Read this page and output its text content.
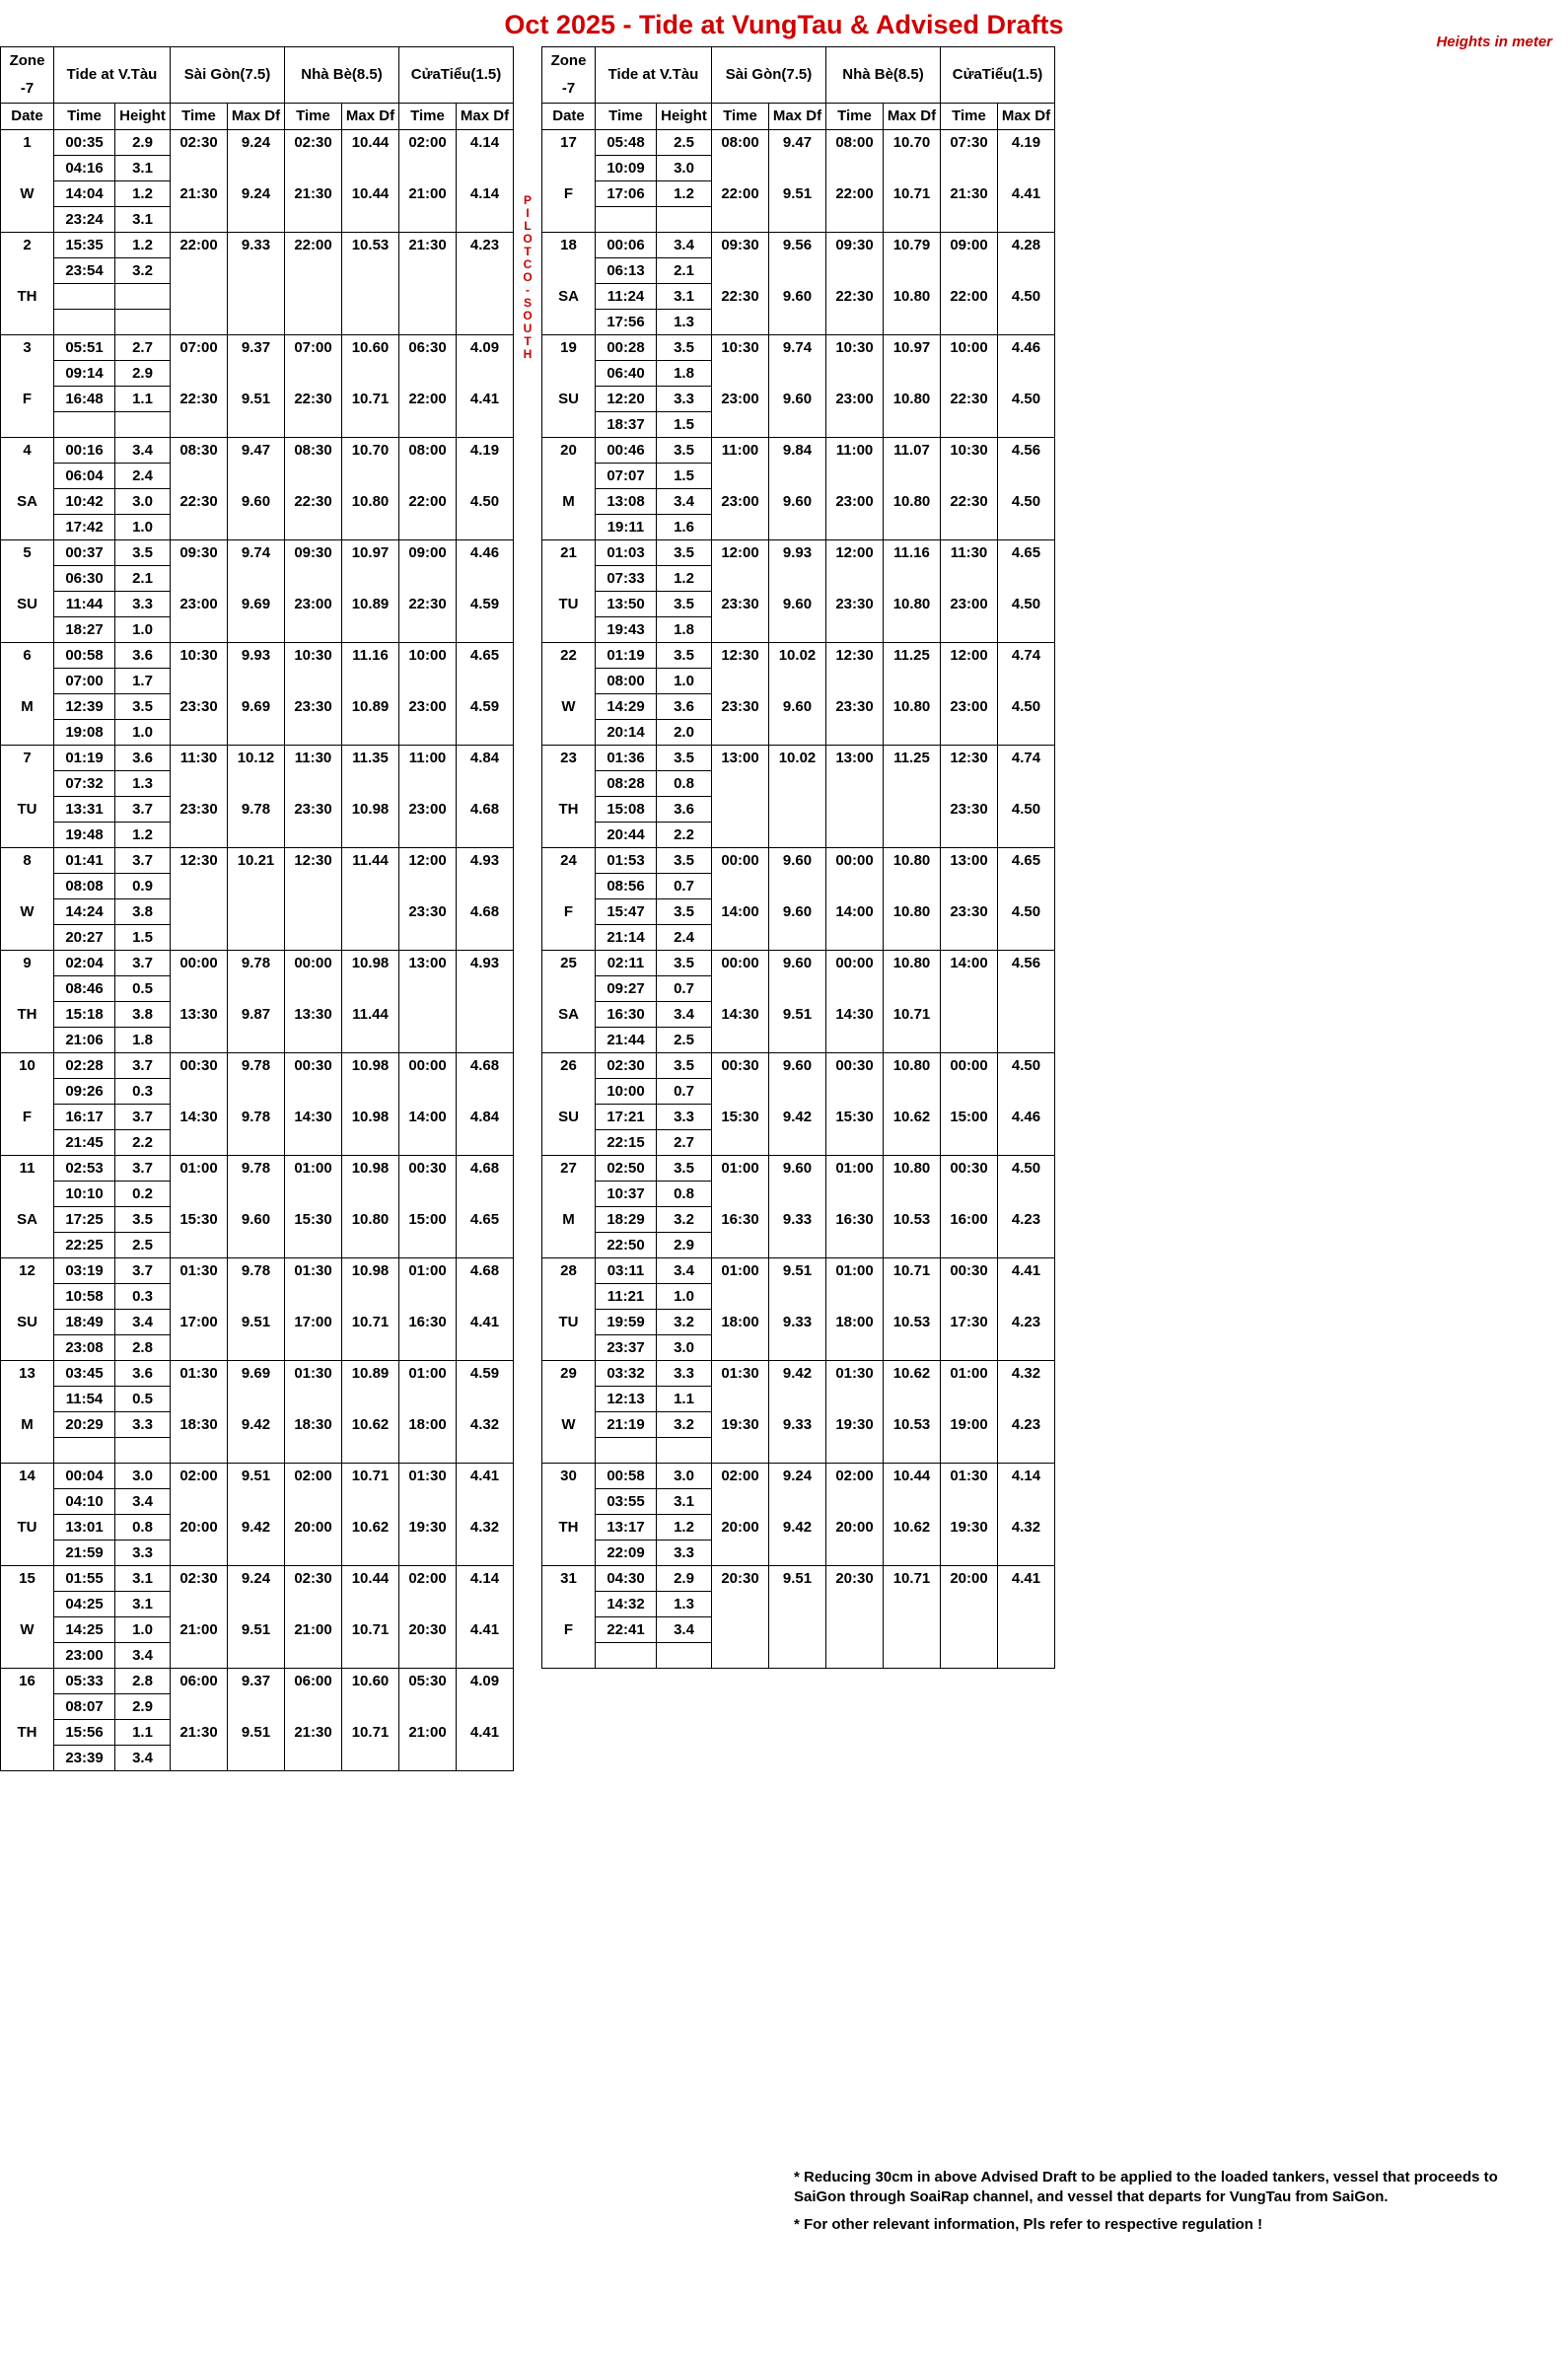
Oct 2025 - Tide at VungTau & Advised Drafts
Heights in meter
Zone -7	Tide at V.Tàu		Sài Gòn(7.5)		Nhà Bè(8.5)		CửaTiểu(1.5)	
Date	Time	Height	Time	Max Df	Time	Max Df	Time	Max Df
1	00:35	2.9	02:30	9.24	02:30	10.44	02:00	4.14
	04:16	3.1						
W	14:04	1.2	21:30	9.24	21:30	10.44	21:00	4.14
	23:24	3.1						
2	15:35	1.2	22:00	9.33	22:00	10.53	21:30	4.23
	23:54	3.2						
TH								

3	05:51	2.7	07:00	9.37	07:00	10.60	06:30	4.09
	09:14	2.9						
F	16:48	1.1	22:30	9.51	22:30	10.71	22:00	4.41

4	00:16	3.4	08:30	9.47	08:30	10.70	08:00	4.19
	06:04	2.4						
SA	10:42	3.0	22:30	9.60	22:30	10.80	22:00	4.50
	17:42	1.0						
5	00:37	3.5	09:30	9.74	09:30	10.97	09:00	4.46
	06:30	2.1						
SU	11:44	3.3	23:00	9.69	23:00	10.89	22:30	4.59
	18:27	1.0						
6	00:58	3.6	10:30	9.93	10:30	11.16	10:00	4.65
	07:00	1.7						
M	12:39	3.5	23:30	9.69	23:30	10.89	23:00	4.59
	19:08	1.0						
7	01:19	3.6	11:30	10.12	11:30	11.35	11:00	4.84
	07:32	1.3						
TU	13:31	3.7	23:30	9.78	23:30	10.98	23:00	4.68
	19:48	1.2						
8	01:41	3.7	12:30	10.21	12:30	11.44	12:00	4.93
	08:08	0.9						
W	14:24	3.8					23:30	4.68
	20:27	1.5						
9	02:04	3.7	00:00	9.78	00:00	10.98	13:00	4.93
	08:46	0.5						
TH	15:18	3.8	13:30	9.87	13:30	11.44		
	21:06	1.8						
10	02:28	3.7	00:30	9.78	00:30	10.98	00:00	4.68
	09:26	0.3						
F	16:17	3.7	14:30	9.78	14:30	10.98	14:00	4.84
	21:45	2.2						
11	02:53	3.7	01:00	9.78	01:00	10.98	00:30	4.68
	10:10	0.2						
SA	17:25	3.5	15:30	9.60	15:30	10.80	15:00	4.65
	22:25	2.5						
12	03:19	3.7	01:30	9.78	01:30	10.98	01:00	4.68
	10:58	0.3						
SU	18:49	3.4	17:00	9.51	17:00	10.71	16:30	4.41
	23:08	2.8						
13	03:45	3.6	01:30	9.69	01:30	10.89	01:00	4.59
	11:54	0.5						
M	20:29	3.3	18:30	9.42	18:30	10.62	18:00	4.32

14	00:04	3.0	02:00	9.51	02:00	10.71	01:30	4.41
	04:10	3.4						
TU	13:01	0.8	20:00	9.42	20:00	10.62	19:30	4.32
	21:59	3.3						
15	01:55	3.1	02:30	9.24	02:30	10.44	02:00	4.14
	04:25	3.1						
W	14:25	1.0	21:00	9.51	21:00	10.71	20:30	4.41
	23:00	3.4						
16	05:33	2.8	06:00	9.37	06:00	10.60	05:30	4.09
	08:07	2.9						
TH	15:56	1.1	21:30	9.51	21:30	10.71	21:00	4.41
	23:39	3.4						
P
I
L
O
T
C
O
-
S
O
U
T
H
Zone -7	Tide at V.Tàu		Sài Gòn(7.5)		Nhà Bè(8.5)		CửaTiểu(1.5)	
Date	Time	Height	Time	Max Df	Time	Max Df	Time	Max Df
17	05:48	2.5	08:00	9.47	08:00	10.70	07:30	4.19
	10:09	3.0						
F	17:06	1.2	22:00	9.51	22:00	10.71	21:30	4.41

18	00:06	3.4	09:30	9.56	09:30	10.79	09:00	4.28
	06:13	2.1						
SA	11:24	3.1	22:30	9.60	22:30	10.80	22:00	4.50
	17:56	1.3						
19	00:28	3.5	10:30	9.74	10:30	10.97	10:00	4.46
	06:40	1.8						
SU	12:20	3.3	23:00	9.60	23:00	10.80	22:30	4.50
	18:37	1.5						
20	00:46	3.5	11:00	9.84	11:00	11.07	10:30	4.56
	07:07	1.5						
M	13:08	3.4	23:00	9.60	23:00	10.80	22:30	4.50
	19:11	1.6						
21	01:03	3.5	12:00	9.93	12:00	11.16	11:30	4.65
	07:33	1.2						
TU	13:50	3.5	23:30	9.60	23:30	10.80	23:00	4.50
	19:43	1.8						
22	01:19	3.5	12:30	10.02	12:30	11.25	12:00	4.74
	08:00	1.0						
W	14:29	3.6	23:30	9.60	23:30	10.80	23:00	4.50
	20:14	2.0						
23	01:36	3.5	13:00	10.02	13:00	11.25	12:30	4.74
	08:28	0.8						
TH	15:08	3.6					23:30	4.50
	20:44	2.2						
24	01:53	3.5	00:00	9.60	00:00	10.80	13:00	4.65
	08:56	0.7						
F	15:47	3.5	14:00	9.60	14:00	10.80	23:30	4.50
	21:14	2.4						
25	02:11	3.5	00:00	9.60	00:00	10.80	14:00	4.56
	09:27	0.7						
SA	16:30	3.4	14:30	9.51	14:30	10.71		
	21:44	2.5						
26	02:30	3.5	00:30	9.60	00:30	10.80	00:00	4.50
	10:00	0.7						
SU	17:21	3.3	15:30	9.42	15:30	10.62	15:00	4.46
	22:15	2.7						
27	02:50	3.5	01:00	9.60	01:00	10.80	00:30	4.50
	10:37	0.8						
M	18:29	3.2	16:30	9.33	16:30	10.53	16:00	4.23
	22:50	2.9						
28	03:11	3.4	01:00	9.51	01:00	10.71	00:30	4.41
	11:21	1.0						
TU	19:59	3.2	18:00	9.33	18:00	10.53	17:30	4.23
	23:37	3.0						
29	03:32	3.3	01:30	9.42	01:30	10.62	01:00	4.32
	12:13	1.1						
W	21:19	3.2	19:30	9.33	19:30	10.53	19:00	4.23

30	00:58	3.0	02:00	9.24	02:00	10.44	01:30	4.14
	03:55	3.1						
TH	13:17	1.2	20:00	9.42	20:00	10.62	19:30	4.32
	22:09	3.3						
31	04:30	2.9	20:30	9.51	20:30	10.71	20:00	4.41
	14:32	1.3						
F	22:41	3.4						

* Reducing 30cm in above Advised Draft to be applied to the loaded tankers, vessel that proceeds to SaiGon through SoaiRap channel, and vessel that departs for VungTau from SaiGon.
* For other relevant information, Pls refer to respective regulation !
